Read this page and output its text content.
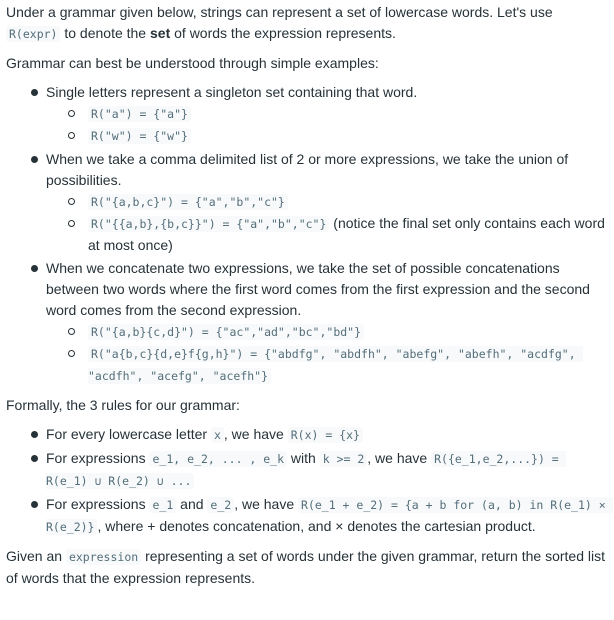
Under a grammar given below, strings can represent a set of lowercase words. Let's use R(expr) to denote the set of words the expression represents.

Grammar can best be understood through simple examples:

Single letters represent a singleton set containing that word.
R("a") = {"a"}
R("w") = {"w"}
When we take a comma delimited list of 2 or more expressions, we take the union of possibilities.
R("{a,b,c}") = {"a","b","c"}
R("{{a,b},{b,c}}") = {"a","b","c"} (notice the final set only contains each word at most once)
When we concatenate two expressions, we take the set of possible concatenations between two words where the first word comes from the first expression and the second word comes from the second expression.
R("{a,b}{c,d}") = {"ac","ad","bc","bd"}
R("a{b,c}{d,e}f{g,h}") = {"abdfg", "abdfh", "abefg", "abefh", "acdfg", "acdfh", "acefg", "acefh"}

Formally, the 3 rules for our grammar:

For every lowercase letter x , we have R(x) = {x}
For expressions e_1, e_2, ... , e_k with k >= 2 , we have R({e_1,e_2,...}) = R(e_1) ∪ R(e_2) ∪ ...
For expressions e_1 and e_2 , we have R(e_1 + e_2) = {a + b for (a, b) in R(e_1) × R(e_2)} , where + denotes concatenation, and × denotes the cartesian product.

Given an expression representing a set of words under the given grammar, return the sorted list of words that the expression represents.
